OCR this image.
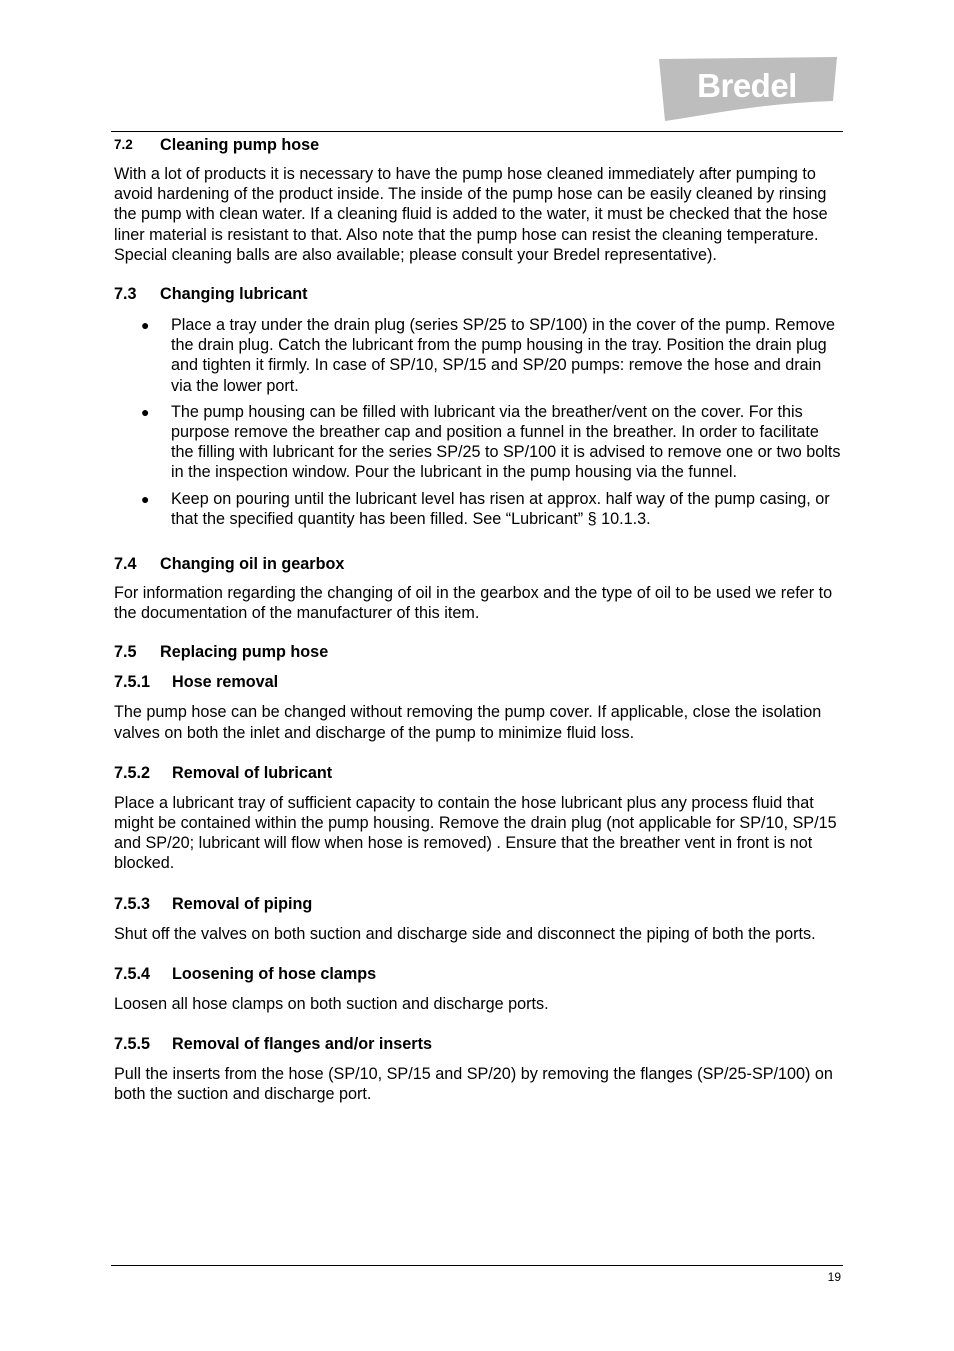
Bredel
7.2	Cleaning pump hose

With a lot of products it is necessary to have the pump hose cleaned immediately after pumping to avoid hardening of the product inside. The inside of the pump hose can be easily cleaned by rinsing the pump with clean water. If a cleaning fluid is added to the water, it must be checked that the hose liner material is resistant to that. Also note that the pump hose can resist the cleaning temperature. Special cleaning balls are also available; please consult your Bredel representative).

7.3	Changing lubricant
● Place a tray under the drain plug (series SP/25 to SP/100) in the cover of the pump. Remove the drain plug. Catch the lubricant from the pump housing in the tray. Position the drain plug and tighten it firmly. In case of SP/10, SP/15 and SP/20 pumps: remove the hose and drain via the lower port.
● The pump housing can be filled with lubricant via the breather/vent on the cover. For this purpose remove the breather cap and position a funnel in the breather. In order to facilitate the filling with lubricant for the series SP/25 to SP/100 it is advised to remove one or two bolts in the inspection window. Pour the lubricant in the pump housing via the funnel.
● Keep on pouring until the lubricant level has risen at approx. half way of the pump casing, or that the specified quantity has been filled. See “Lubricant” § 10.1.3.
7.4	Changing oil in gearbox

For information regarding the changing of oil in the gearbox and the type of oil to be used we refer to the documentation of the manufacturer of this item.

7.5	Replacing pump hose
7.5.1	Hose removal

The pump hose can be changed without removing the pump cover. If applicable, close the isolation valves on both the inlet and discharge of the pump to minimize fluid loss.

7.5.2	Removal of lubricant

Place a lubricant tray of sufficient capacity to contain the hose lubricant plus any process fluid that might be contained within the pump housing. Remove the drain plug (not applicable for SP/10, SP/15 and SP/20; lubricant will flow when hose is removed) . Ensure that the breather vent in front is not blocked.

7.5.3	Removal of piping

Shut off the valves on both suction and discharge side and disconnect the piping of both the ports.

7.5.4	Loosening of hose clamps

Loosen all hose clamps on both suction and discharge ports.

7.5.5	Removal of flanges and/or inserts

Pull the inserts from the hose (SP/10, SP/15 and SP/20) by removing the flanges (SP/25-SP/100) on both the suction and discharge port.

19
